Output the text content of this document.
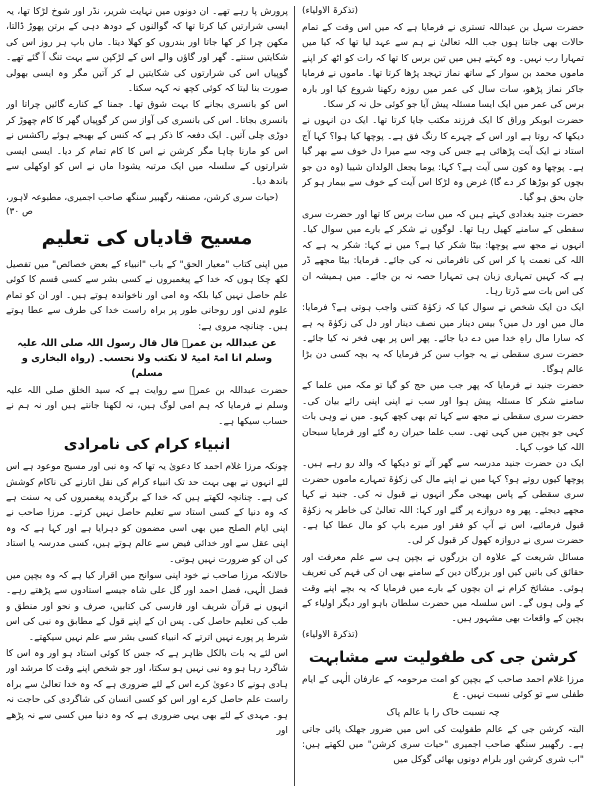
(تذکرۃ الاولیاء)

حضرت سہل بن عبداللہ تستری نے فرمایا ہے کہ میں اس وقت کے تمام حالات بھی جانتا ہوں جب اللہ تعالیٰ نے ہم سے عہد لیا تھا کہ کیا میں تمہارا رب نہیں۔ وہ کہتے ہیں میں تین برس کا تھا کہ رات کو اٹھ کر اپنے ماموں محمد بن سوار کے ساتھ نماز تہجد پڑھا کرتا تھا۔ ماموں نے فرمایا جاکر نماز پڑھو، سات سال کی عمر میں روزہ رکھنا شروع کیا اور بارہ برس کی عمر میں ایک ایسا مسئلہ پیش آیا جو کوئی حل نہ کر سکا۔

حضرت ابوبکر وراق کا ایک فرزند مکتب جایا کرتا تھا۔ ایک دن انہوں نے دیکھا کہ روتا ہے اور اس کے چہرے کا رنگ فق ہے۔ پوچھا کیا ہوا؟ کہا آج استاد نے ایک آیت پڑھائی ہے جس کی وجہ سے میرا دل خوف سے بھر گیا ہے۔ پوچھا وہ کون سی آیت ہے؟ کہا: یوما یجعل الولدان شیبا (وہ دن جو بچوں کو بوڑھا کر دے گا) غرض وہ لڑکا اس آیت کے خوف سے بیمار ہو کر جان بحق ہو گیا۔

حضرت جنید بغدادی کہتے ہیں کہ میں سات برس کا تھا اور حضرت سری سقطی کے سامنے کھیل رہا تھا۔ لوگوں نے شکر کے بارے میں سوال کیا۔ انہوں نے مجھ سے پوچھا: بیٹا شکر کیا ہے؟ میں نے کہا: شکر یہ ہے کہ اللہ کی نعمت پا کر اس کی نافرمانی نہ کی جائے۔ فرمایا: بیٹا مجھے ڈر ہے کہ کہیں تمہاری زبان ہی تمہارا حصہ نہ بن جائے۔ میں ہمیشہ ان کی اس بات سے ڈرتا رہا۔

ایک دن ایک شخص نے سوال کیا کہ زکوٰۃ کتنی واجب ہوتی ہے؟ فرمایا: مال میں اور دل میں؟ بیس دینار میں نصف دینار اور دل کی زکوٰۃ یہ ہے کہ سارا مال راہِ خدا میں دے دیا جائے۔ پھر اس پر بھی فخر نہ کیا جائے۔ حضرت سری سقطی نے یہ جواب سن کر فرمایا کہ یہ بچہ کسی دن بڑا عالم ہوگا۔

حضرت جنید نے فرمایا کہ پھر جب میں حج کو گیا تو مکہ میں علما کے سامنے شکر کا مسئلہ پیش ہوا اور سب نے اپنی اپنی رائے بیان کی۔ حضرت سری سقطی نے مجھ سے کہا تم بھی کچھ کہو۔ میں نے وہی بات کہی جو بچپن میں کہی تھی۔ سب علما حیران رہ گئے اور فرمایا سبحان اللہ کیا خوب کہا۔

ایک دن حضرت جنید مدرسہ سے گھر آئے تو دیکھا کہ والد رو رہے ہیں۔ پوچھا کیوں روتے ہو؟ کہا میں نے اپنے مال کی زکوٰۃ تمہارے ماموں حضرت سری سقطی کے پاس بھیجی مگر انہوں نے قبول نہ کی۔ جنید نے کہا مجھے دیجئے۔ پھر وہ دروازے پر گئے اور کہا: اللہ تعالیٰ کی خاطر یہ زکوٰۃ قبول فرمائیے، اس نے آپ کو فقر اور میرے باپ کو مال عطا کیا ہے۔ حضرت سری نے دروازہ کھول کر قبول کر لی۔

مسائل شریعت کے علاوہ ان بزرگوں نے بچپن ہی سے علم معرفت اور حقائق کی باتیں کیں اور بزرگان دین کے سامنے بھی ان کی فہم کی تعریف ہوئی۔ مشائخ کرام نے ان بچوں کے بارے میں فرمایا کہ یہ بچے اپنے وقت کے ولی ہوں گے۔ اس سلسلہ میں حضرت سلطان باہو اور دیگر اولیاء کے بچپن کے واقعات بھی مشہور ہیں۔

(تذکرۃ الاولیاء)
کرشن جی کی طفولیت سے مشابہت

مرزا غلام احمد صاحب کے بچپن کو امت مرحومہ کے عارفان الٰہی کے ایام طفلی سے تو کوئی نسبت نہیں۔ ع

چہ نسبت خاک را با عالم پاک

البتہ کرشن جی کے عالم طفولیت کی اس میں ضرور جھلک پائی جاتی ہے۔ رگھبیر سنگھ صاحب اجمیری "حیات سری کرشن" میں لکھتے ہیں: "اب شری کرشن اور بلرام دونوں بھائی گوکل میں

پرورش پا رہے تھے۔ ان دونوں میں نہایت شریر، نڈر اور شوخ لڑکا تھا، یہ ایسی شرارتیں کیا کرتا تھا کہ گوالنوں کے دودھ دہی کے برتن پھوڑ ڈالتا، مکھن چرا کر کھا جاتا اور بندروں کو کھلا دیتا۔ ماں باپ ہر روز اس کی شکایتیں سنتے۔ گھر اور گاؤں والے اس کے لڑکپن سے بہت تنگ آ گئے تھے۔ گوپیاں اس کی شرارتوں کی شکایتیں لے کر آتیں مگر وہ ایسی بھولی صورت بنا لیتا کہ کوئی کچھ نہ کہہ سکتا۔

اس کو بانسری بجانے کا بہت شوق تھا۔ جمنا کے کنارے گائیں چراتا اور بانسری بجاتا۔ اس کی بانسری کی آواز سن کر گوپیاں گھر کا کام چھوڑ کر دوڑی چلی آتیں۔ ایک دفعہ کا ذکر ہے کہ کنس کے بھیجے ہوئے راکشس نے اس کو مارنا چاہا مگر کرشن نے اس کا کام تمام کر دیا۔ ایسی ایسی شرارتوں کے سلسلہ میں ایک مرتبہ یشودا ماں نے اس کو اوکھلی سے باندھ دیا۔

(حیات سری کرشن، مصنفہ رگھبیر سنگھ صاحب اجمیری، مطبوعہ لاہور، ص ۳۰)
مسیح قادیاں کی تعلیم

میں اپنی کتاب "معیار الحق" کے باب "انبیاء کے بعض خصائص" میں تفصیل لکھ چکا ہوں کہ خدا کے پیغمبروں نے کسی بشر سے کسی قسم کا کوئی علم حاصل نہیں کیا بلکہ وہ امی اور ناخواندہ ہوتے ہیں۔ اور ان کو تمام علوم لدنی اور روحانی طور پر براہ راست خدا کی طرف سے عطا ہوتے ہیں۔ چنانچہ مروی ہے:

عن عبداللہ بن عمرؓ قال قال رسول اللہ صلی اللہ علیہ وسلم انا امۃ امیۃ لا نکتب ولا نحسب۔ (رواہ البخاری و مسلم)

حضرت عبداللہ بن عمرؓ سے روایت ہے کہ سید الخلق صلی اللہ علیہ وسلم نے فرمایا کہ ہم امی لوگ ہیں، نہ لکھنا جانتے ہیں اور نہ ہم نے حساب سیکھا ہے۔

انبیاء کرام کی نامرادی

چونکہ مرزا غلام احمد کا دعویٰ یہ تھا کہ وہ نبی اور مسیح موعود ہے اس لئے انہوں نے بھی بہت حد تک انبیاء کرام کی نقل اتارنے کی ناکام کوشش کی ہے۔ چنانچہ لکھتے ہیں کہ خدا کے برگزیدہ پیغمبروں کی یہ سنت ہے کہ وہ دنیا کے کسی استاد سے تعلیم حاصل نہیں کرتے۔ مرزا صاحب نے اپنی ایام الصلح میں بھی اسی مضمون کو دہرایا ہے اور کہا ہے کہ وہ اپنی عقل سے اور خدائی فیض سے عالم ہوتے ہیں، کسی مدرسہ یا استاد کی ان کو ضرورت نہیں ہوتی۔

حالانکہ مرزا صاحب نے خود اپنی سوانح میں اقرار کیا ہے کہ وہ بچپن میں فضل الٰہی، فضل احمد اور گل علی شاہ جیسے استادوں سے پڑھتے رہے۔ انہوں نے قرآن شریف اور فارسی کی کتابیں، صرف و نحو اور منطق و طب کی تعلیم حاصل کی۔ پس ان کے اپنے قول کے مطابق وہ نبی کی اس شرط پر پورے نہیں اترتے کہ انبیاء کسی بشر سے علم نہیں سیکھتے۔

اس لئے یہ بات بالکل ظاہر ہے کہ جس کا کوئی استاد ہو اور وہ اس کا شاگرد رہا ہو وہ نبی نہیں ہو سکتا، اور جو شخص اپنے وقت کا مرشد اور ہادی ہونے کا دعویٰ کرے اس کے لئے ضروری ہے کہ وہ خدا تعالیٰ سے براہ راست علم حاصل کرے اور اس کو کسی انسان کی شاگردی کی حاجت نہ ہو۔ مہدی کے لئے بھی یہی ضروری ہے کہ وہ دنیا میں کسی سے نہ پڑھے اور
